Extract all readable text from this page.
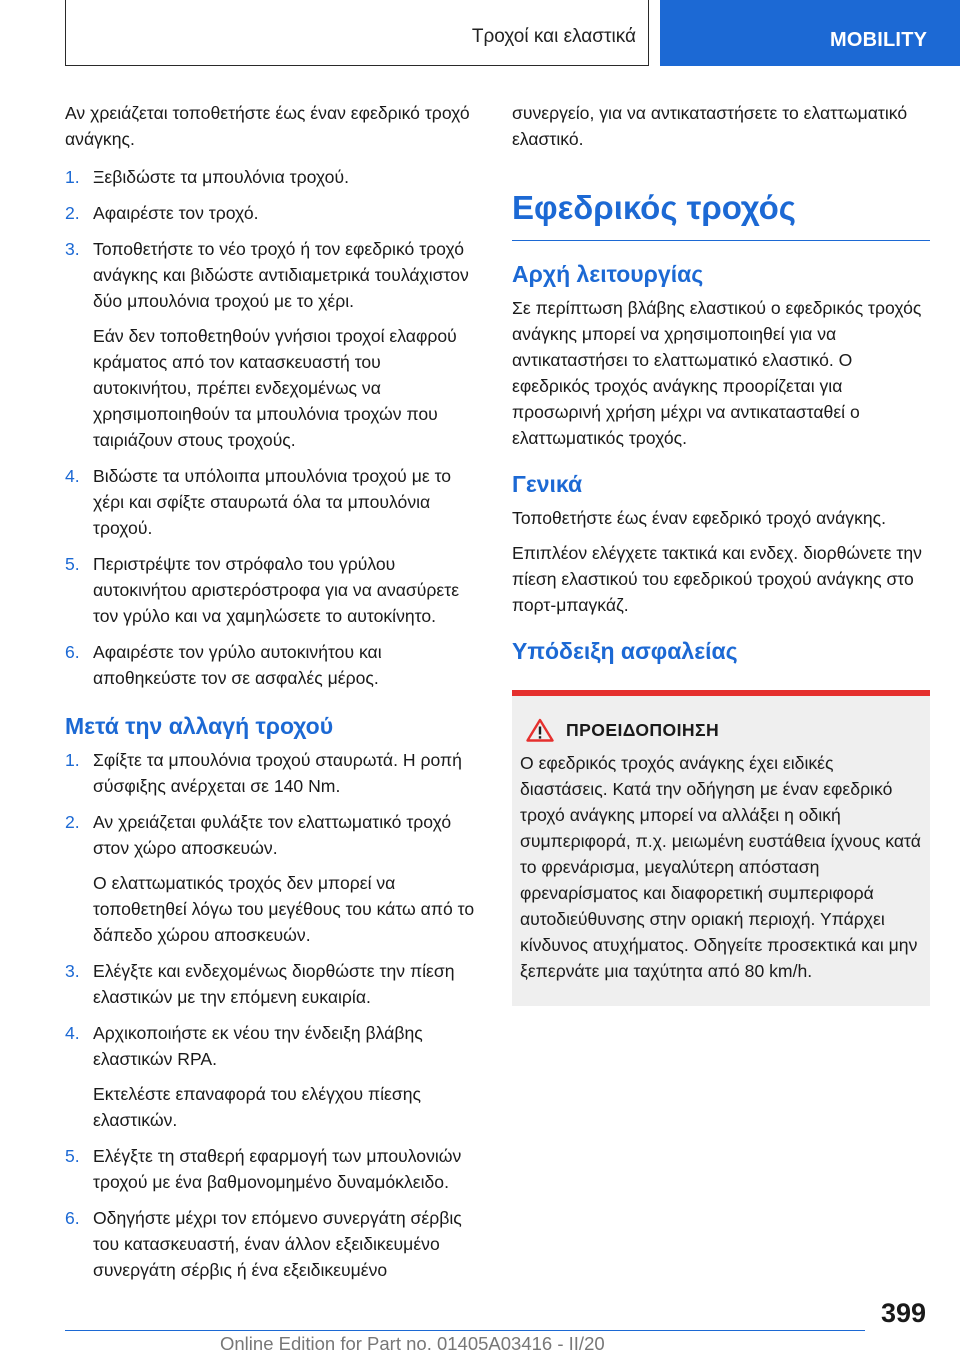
Τροχοί και ελαστικά	MOBILITY

Αν χρειάζεται τοποθετήστε έως έναν εφεδρικό τροχό ανάγκης.

1. Ξεβιδώστε τα μπουλόνια τροχού.
2. Αφαιρέστε τον τροχό.
3. Τοποθετήστε το νέο τροχό ή τον εφεδρικό τροχό ανάγκης και βιδώστε αντιδιαμετρικά τουλάχιστον δύο μπουλόνια τροχού με το χέρι.
Εάν δεν τοποθετηθούν γνήσιοι τροχοί ελαφρού κράματος από τον κατασκευαστή του αυτοκινήτου, πρέπει ενδεχομένως να χρησιμοποιηθούν τα μπουλόνια τροχών που ταιριάζουν στους τροχούς.
4. Βιδώστε τα υπόλοιπα μπουλόνια τροχού με το χέρι και σφίξτε σταυρωτά όλα τα μπουλόνια τροχού.
5. Περιστρέψτε τον στρόφαλο του γρύλου αυτοκινήτου αριστερόστροφα για να ανασύρετε τον γρύλο και να χαμηλώσετε το αυτοκίνητο.
6. Αφαιρέστε τον γρύλο αυτοκινήτου και αποθηκεύστε τον σε ασφαλές μέρος.
Μετά την αλλαγή τροχού
1. Σφίξτε τα μπουλόνια τροχού σταυρωτά. Η ροπή σύσφιξης ανέρχεται σε 140 Nm.
2. Αν χρειάζεται φυλάξτε τον ελαττωματικό τροχό στον χώρο αποσκευών.
Ο ελαττωματικός τροχός δεν μπορεί να τοποθετηθεί λόγω του μεγέθους του κάτω από το δάπεδο χώρου αποσκευών.
3. Ελέγξτε και ενδεχομένως διορθώστε την πίεση ελαστικών με την επόμενη ευκαιρία.
4. Αρχικοποιήστε εκ νέου την ένδειξη βλάβης ελαστικών RPA.
Εκτελέστε επαναφορά του ελέγχου πίεσης ελαστικών.
5. Ελέγξτε τη σταθερή εφαρμογή των μπουλονιών τροχού με ένα βαθμονομημένο δυναμόκλειδο.
6. Οδηγήστε μέχρι τον επόμενο συνεργάτη σέρβις του κατασκευαστή, έναν άλλον εξειδικευμένο συνεργάτη σέρβις ή ένα εξειδικευμένο

συνεργείο, για να αντικαταστήσετε το ελαττωματικό ελαστικό.

Εφεδρικός τροχός
Αρχή λειτουργίας

Σε περίπτωση βλάβης ελαστικού ο εφεδρικός τροχός ανάγκης μπορεί να χρησιμοποιηθεί για να αντικαταστήσει το ελαττωματικό ελαστικό. Ο εφεδρικός τροχός ανάγκης προορίζεται για προσωρινή χρήση μέχρι να αντικατασταθεί ο ελαττωματικός τροχός.

Γενικά

Τοποθετήστε έως έναν εφεδρικό τροχό ανάγκης.

Επιπλέον ελέγχετε τακτικά και ενδεχ. διορθώνετε την πίεση ελαστικού του εφεδρικού τροχού ανάγκης στο πορτ-μπαγκάζ.

Υπόδειξη ασφαλείας
ΠΡΟΕΙΔΟΠΟΙΗΣΗ
Ο εφεδρικός τροχός ανάγκης έχει ειδικές διαστάσεις. Κατά την οδήγηση με έναν εφεδρικό τροχό ανάγκης μπορεί να αλλάξει η οδική συμπεριφορά, π.χ. μειωμένη ευστάθεια ίχνους κατά το φρενάρισμα, μεγαλύτερη απόσταση φρεναρίσματος και διαφορετική συμπεριφορά αυτοδιεύθυνσης στην οριακή περιοχή. Υπάρχει κίνδυνος ατυχήματος. Οδηγείτε προσεκτικά και μην ξεπερνάτε μια ταχύτητα από 80 km/h.
399
Online Edition for Part no. 01405A03416 - II/20
